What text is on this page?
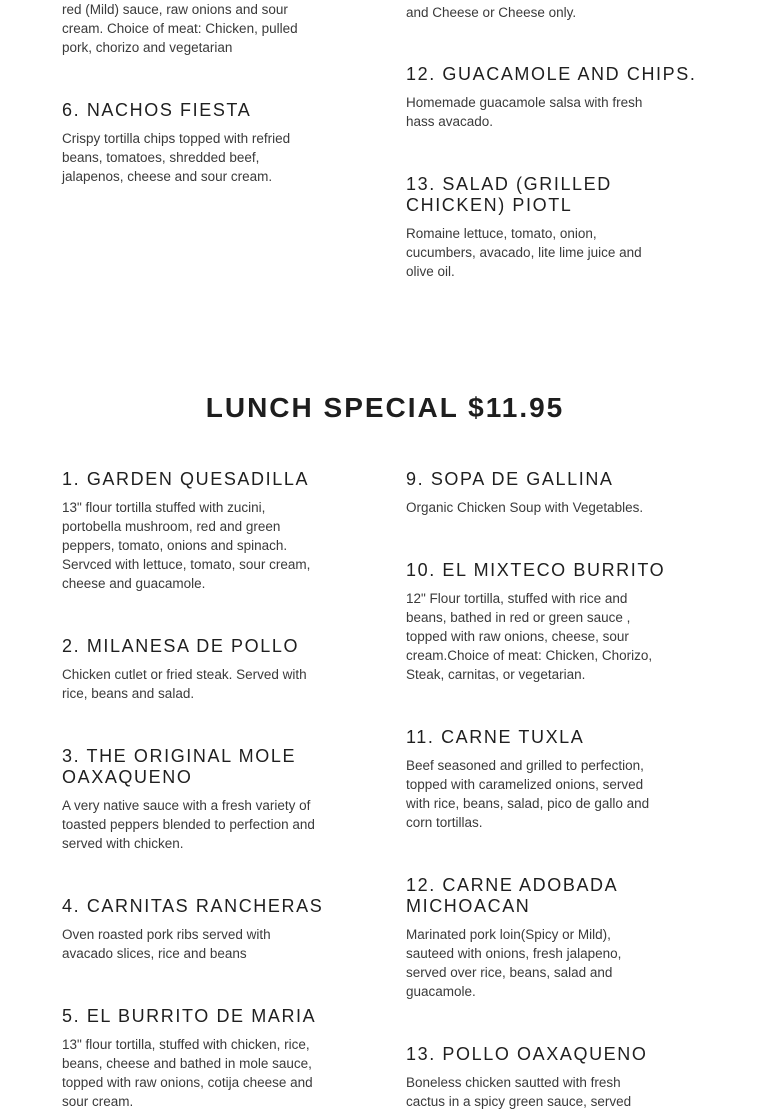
red (Mild) sauce, raw onions and sour cream. Choice of meat: Chicken, pulled pork, chorizo and vegetarian

and Cheese or Cheese only.

6. NACHOS FIESTA

Crispy tortilla chips topped with refried beans, tomatoes, shredded beef, jalapenos, cheese and sour cream.

12. GUACAMOLE AND CHIPS.

Homemade guacamole salsa with fresh hass avacado.

13. SALAD (GRILLED CHICKEN) PIOTL

Romaine lettuce, tomato, onion, cucumbers, avacado, lite lime juice and olive oil.

LUNCH SPECIAL $11.95
1. GARDEN QUESADILLA

13" flour tortilla stuffed with zucini, portobella mushroom, red and green peppers, tomato, onions and spinach. Servced with lettuce, tomato, sour cream, cheese and guacamole.

2. MILANESA DE POLLO

Chicken cutlet or fried steak. Served with rice, beans and salad.

3. THE ORIGINAL MOLE OAXAQUENO

A very native sauce with a fresh variety of toasted peppers blended to perfection and served with chicken.

4. CARNITAS RANCHERAS

Oven roasted pork ribs served with avacado slices, rice and beans

5. EL BURRITO DE MARIA

13" flour tortilla, stuffed with chicken, rice, beans, cheese and bathed in mole sauce, topped with raw onions, cotija cheese and sour cream.

9. SOPA DE GALLINA

Organic Chicken Soup with Vegetables.

10. EL MIXTECO BURRITO

12" Flour tortilla, stuffed with rice and beans, bathed in red or green sauce , topped with raw onions, cheese, sour cream.Choice of meat: Chicken, Chorizo, Steak, carnitas, or vegetarian.

11. CARNE TUXLA

Beef seasoned and grilled to perfection, topped with caramelized onions, served with rice, beans, salad, pico de gallo and corn tortillas.

12. CARNE ADOBADA MICHOACAN

Marinated pork loin(Spicy or Mild), sauteed with onions, fresh jalapeno, served over rice, beans, salad and guacamole.

13. POLLO OAXAQUENO

Boneless chicken sautted with fresh cactus in a spicy green sauce, served
